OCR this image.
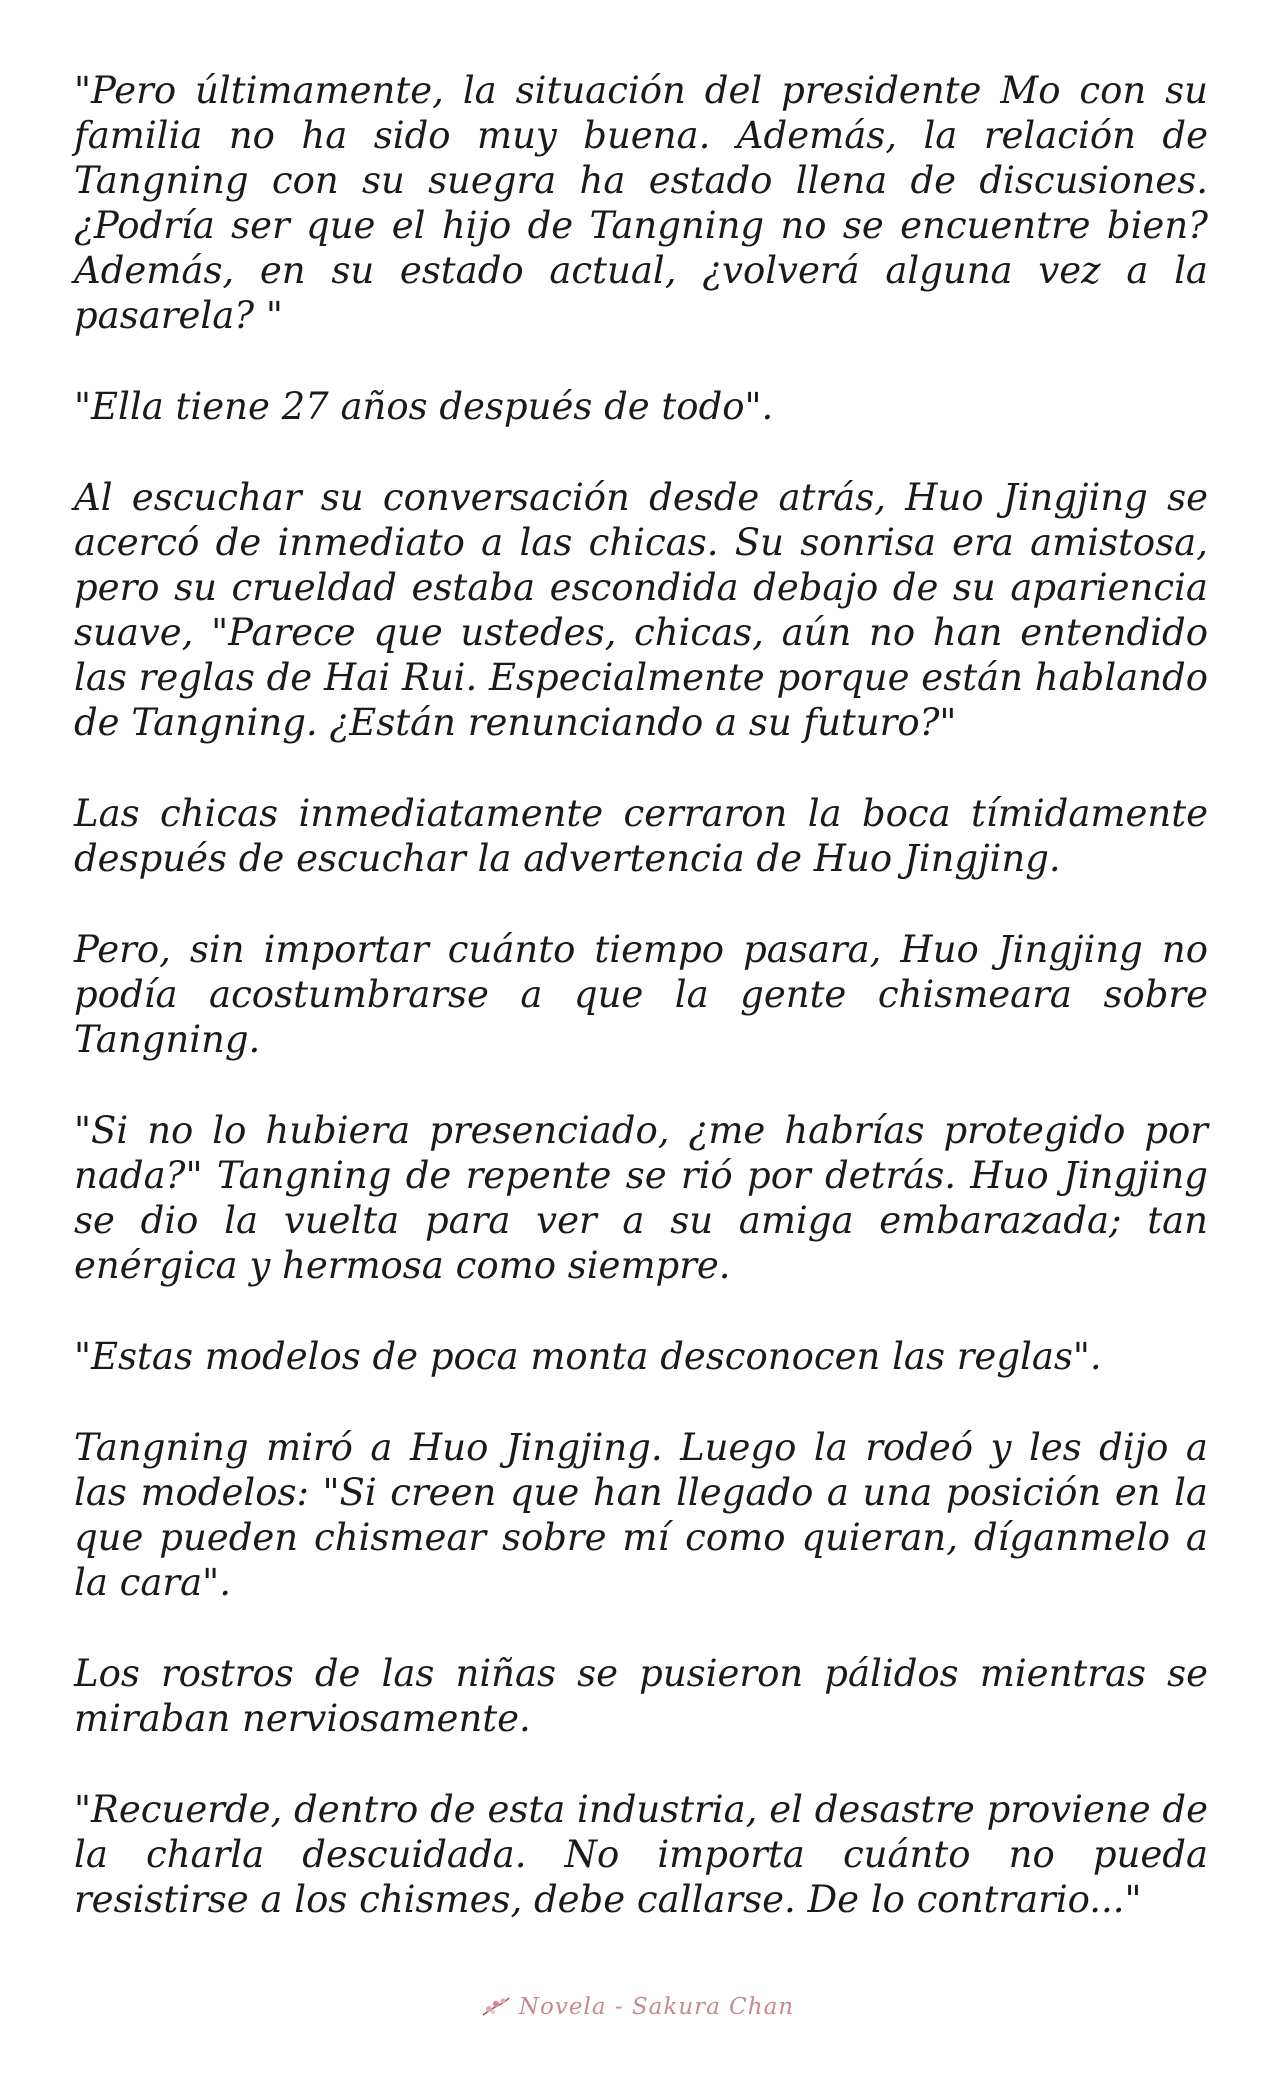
"Pero últimamente, la situación del presidente Mo con su familia no ha sido muy buena. Además, la relación de Tangning con su suegra ha estado llena de discusiones. ¿Podría ser que el hijo de Tangning no se encuentre bien? Además, en su estado actual, ¿volverá alguna vez a la pasarela? "

"Ella tiene 27 años después de todo".

Al escuchar su conversación desde atrás, Huo Jingjing se acercó de inmediato a las chicas. Su sonrisa era amistosa, pero su crueldad estaba escondida debajo de su apariencia suave, "Parece que ustedes, chicas, aún no han entendido las reglas de Hai Rui. Especialmente porque están hablando de Tangning. ¿Están renunciando a su futuro?"

Las chicas inmediatamente cerraron la boca tímidamente después de escuchar la advertencia de Huo Jingjing.

Pero, sin importar cuánto tiempo pasara, Huo Jingjing no podía acostumbrarse a que la gente chismeara sobre Tangning.

"Si no lo hubiera presenciado, ¿me habrías protegido por nada?" Tangning de repente se rió por detrás. Huo Jingjing se dio la vuelta para ver a su amiga embarazada; tan enérgica y hermosa como siempre.

"Estas modelos de poca monta desconocen las reglas".

Tangning miró a Huo Jingjing. Luego la rodeó y les dijo a las modelos: "Si creen que han llegado a una posición en la que pueden chismear sobre mí como quieran, díganmelo a la cara".

Los rostros de las niñas se pusieron pálidos mientras se miraban nerviosamente.

"Recuerde, dentro de esta industria, el desastre proviene de la charla descuidada. No importa cuánto no pueda resistirse a los chismes, debe callarse. De lo contrario..."

Novela - Sakura Chan
